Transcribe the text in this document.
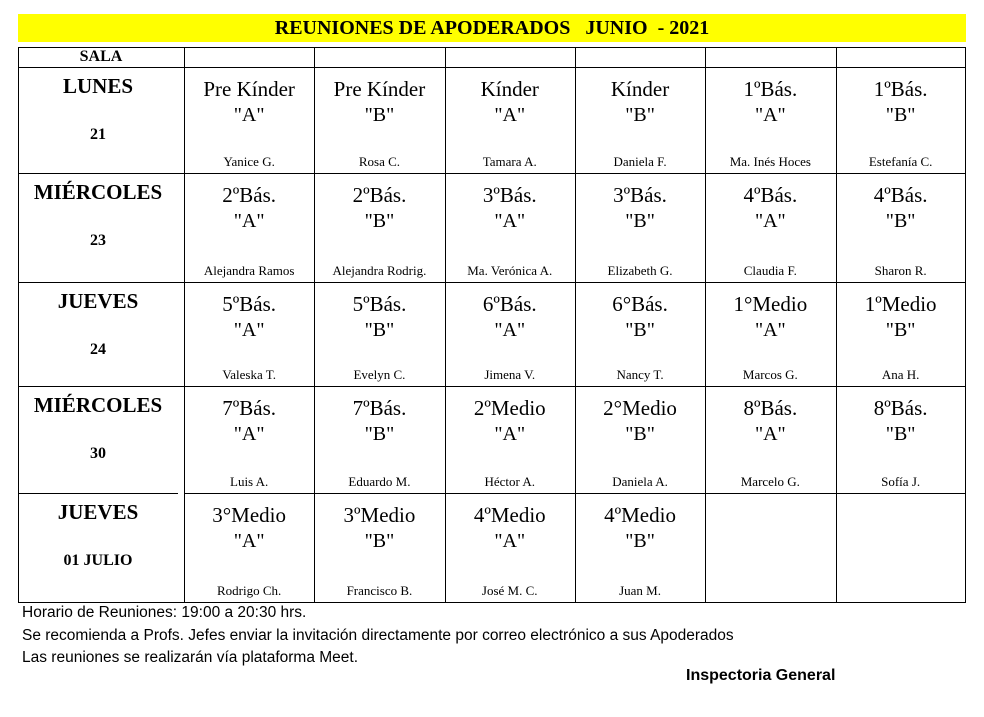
REUNIONES DE APODERADOS   JUNIO  - 2021
SALA
LUNES
21
Pre Kínder
"A"
Yanice G.
Pre Kínder
"B"
Rosa C.
Kínder
"A"
Tamara A.
Kínder
"B"
Daniela F.
1ºBás.
"A"
Ma. Inés Hoces
1ºBás.
"B"
Estefanía C.
MIÉRCOLES
23
2ºBás.
"A"
Alejandra Ramos
2ºBás.
"B"
Alejandra Rodrig.
3ºBás.
"A"
Ma. Verónica A.
3ºBás.
"B"
Elizabeth G.
4ºBás.
"A"
Claudia F.
4ºBás.
"B"
Sharon R.
JUEVES
24
5ºBás.
"A"
Valeska T.
5ºBás.
"B"
Evelyn C.
6ºBás.
"A"
Jimena V.
6°Bás.
"B"
Nancy T.
1°Medio
"A"
Marcos G.
1ºMedio
"B"
Ana H.
MIÉRCOLES
30
7ºBás.
"A"
Luis A.
7ºBás.
"B"
Eduardo M.
2ºMedio
"A"
Héctor A.
2°Medio
"B"
Daniela A.
8ºBás.
"A"
Marcelo G.
8ºBás.
"B"
Sofía J.
JUEVES
01 JULIO
3°Medio
"A"
Rodrigo Ch.
3ºMedio
"B"
Francisco B.
4ºMedio
"A"
José M. C.
4ºMedio
"B"
Juan M.
Horario de Reuniones: 19:00 a 20:30 hrs.
Se recomienda a Profs. Jefes enviar la invitación directamente por correo electrónico a sus Apoderados
Las reuniones se realizarán vía plataforma Meet.
Inspectoria General
